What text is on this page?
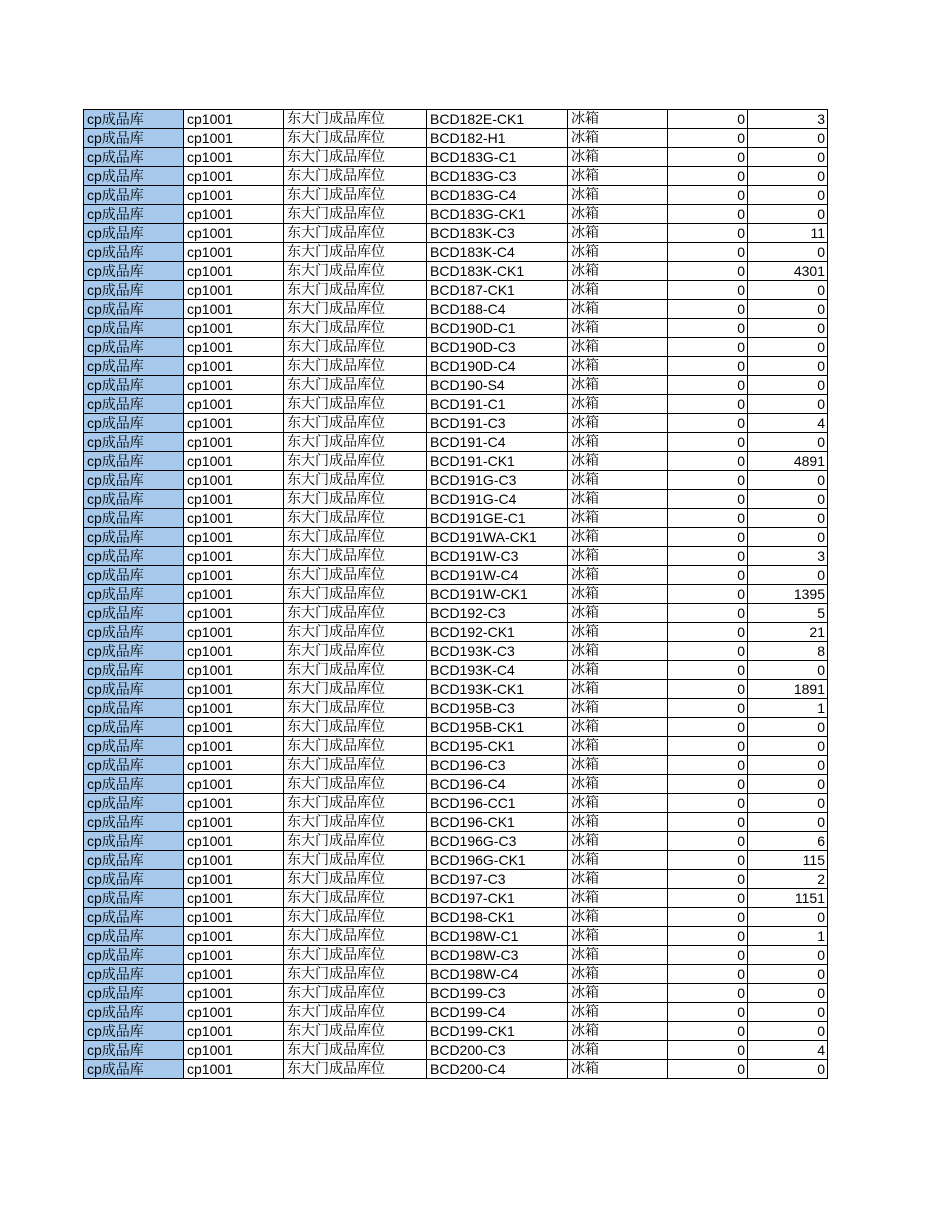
cp成品库	cp1001	东大门成品库位	BCD182E-CK1	冰箱	0	3
cp成品库	cp1001	东大门成品库位	BCD182-H1	冰箱	0	0
cp成品库	cp1001	东大门成品库位	BCD183G-C1	冰箱	0	0
cp成品库	cp1001	东大门成品库位	BCD183G-C3	冰箱	0	0
cp成品库	cp1001	东大门成品库位	BCD183G-C4	冰箱	0	0
cp成品库	cp1001	东大门成品库位	BCD183G-CK1	冰箱	0	0
cp成品库	cp1001	东大门成品库位	BCD183K-C3	冰箱	0	11
cp成品库	cp1001	东大门成品库位	BCD183K-C4	冰箱	0	0
cp成品库	cp1001	东大门成品库位	BCD183K-CK1	冰箱	0	4301
cp成品库	cp1001	东大门成品库位	BCD187-CK1	冰箱	0	0
cp成品库	cp1001	东大门成品库位	BCD188-C4	冰箱	0	0
cp成品库	cp1001	东大门成品库位	BCD190D-C1	冰箱	0	0
cp成品库	cp1001	东大门成品库位	BCD190D-C3	冰箱	0	0
cp成品库	cp1001	东大门成品库位	BCD190D-C4	冰箱	0	0
cp成品库	cp1001	东大门成品库位	BCD190-S4	冰箱	0	0
cp成品库	cp1001	东大门成品库位	BCD191-C1	冰箱	0	0
cp成品库	cp1001	东大门成品库位	BCD191-C3	冰箱	0	4
cp成品库	cp1001	东大门成品库位	BCD191-C4	冰箱	0	0
cp成品库	cp1001	东大门成品库位	BCD191-CK1	冰箱	0	4891
cp成品库	cp1001	东大门成品库位	BCD191G-C3	冰箱	0	0
cp成品库	cp1001	东大门成品库位	BCD191G-C4	冰箱	0	0
cp成品库	cp1001	东大门成品库位	BCD191GE-C1	冰箱	0	0
cp成品库	cp1001	东大门成品库位	BCD191WA-CK1	冰箱	0	0
cp成品库	cp1001	东大门成品库位	BCD191W-C3	冰箱	0	3
cp成品库	cp1001	东大门成品库位	BCD191W-C4	冰箱	0	0
cp成品库	cp1001	东大门成品库位	BCD191W-CK1	冰箱	0	1395
cp成品库	cp1001	东大门成品库位	BCD192-C3	冰箱	0	5
cp成品库	cp1001	东大门成品库位	BCD192-CK1	冰箱	0	21
cp成品库	cp1001	东大门成品库位	BCD193K-C3	冰箱	0	8
cp成品库	cp1001	东大门成品库位	BCD193K-C4	冰箱	0	0
cp成品库	cp1001	东大门成品库位	BCD193K-CK1	冰箱	0	1891
cp成品库	cp1001	东大门成品库位	BCD195B-C3	冰箱	0	1
cp成品库	cp1001	东大门成品库位	BCD195B-CK1	冰箱	0	0
cp成品库	cp1001	东大门成品库位	BCD195-CK1	冰箱	0	0
cp成品库	cp1001	东大门成品库位	BCD196-C3	冰箱	0	0
cp成品库	cp1001	东大门成品库位	BCD196-C4	冰箱	0	0
cp成品库	cp1001	东大门成品库位	BCD196-CC1	冰箱	0	0
cp成品库	cp1001	东大门成品库位	BCD196-CK1	冰箱	0	0
cp成品库	cp1001	东大门成品库位	BCD196G-C3	冰箱	0	6
cp成品库	cp1001	东大门成品库位	BCD196G-CK1	冰箱	0	115
cp成品库	cp1001	东大门成品库位	BCD197-C3	冰箱	0	2
cp成品库	cp1001	东大门成品库位	BCD197-CK1	冰箱	0	1151
cp成品库	cp1001	东大门成品库位	BCD198-CK1	冰箱	0	0
cp成品库	cp1001	东大门成品库位	BCD198W-C1	冰箱	0	1
cp成品库	cp1001	东大门成品库位	BCD198W-C3	冰箱	0	0
cp成品库	cp1001	东大门成品库位	BCD198W-C4	冰箱	0	0
cp成品库	cp1001	东大门成品库位	BCD199-C3	冰箱	0	0
cp成品库	cp1001	东大门成品库位	BCD199-C4	冰箱	0	0
cp成品库	cp1001	东大门成品库位	BCD199-CK1	冰箱	0	0
cp成品库	cp1001	东大门成品库位	BCD200-C3	冰箱	0	4
cp成品库	cp1001	东大门成品库位	BCD200-C4	冰箱	0	0
